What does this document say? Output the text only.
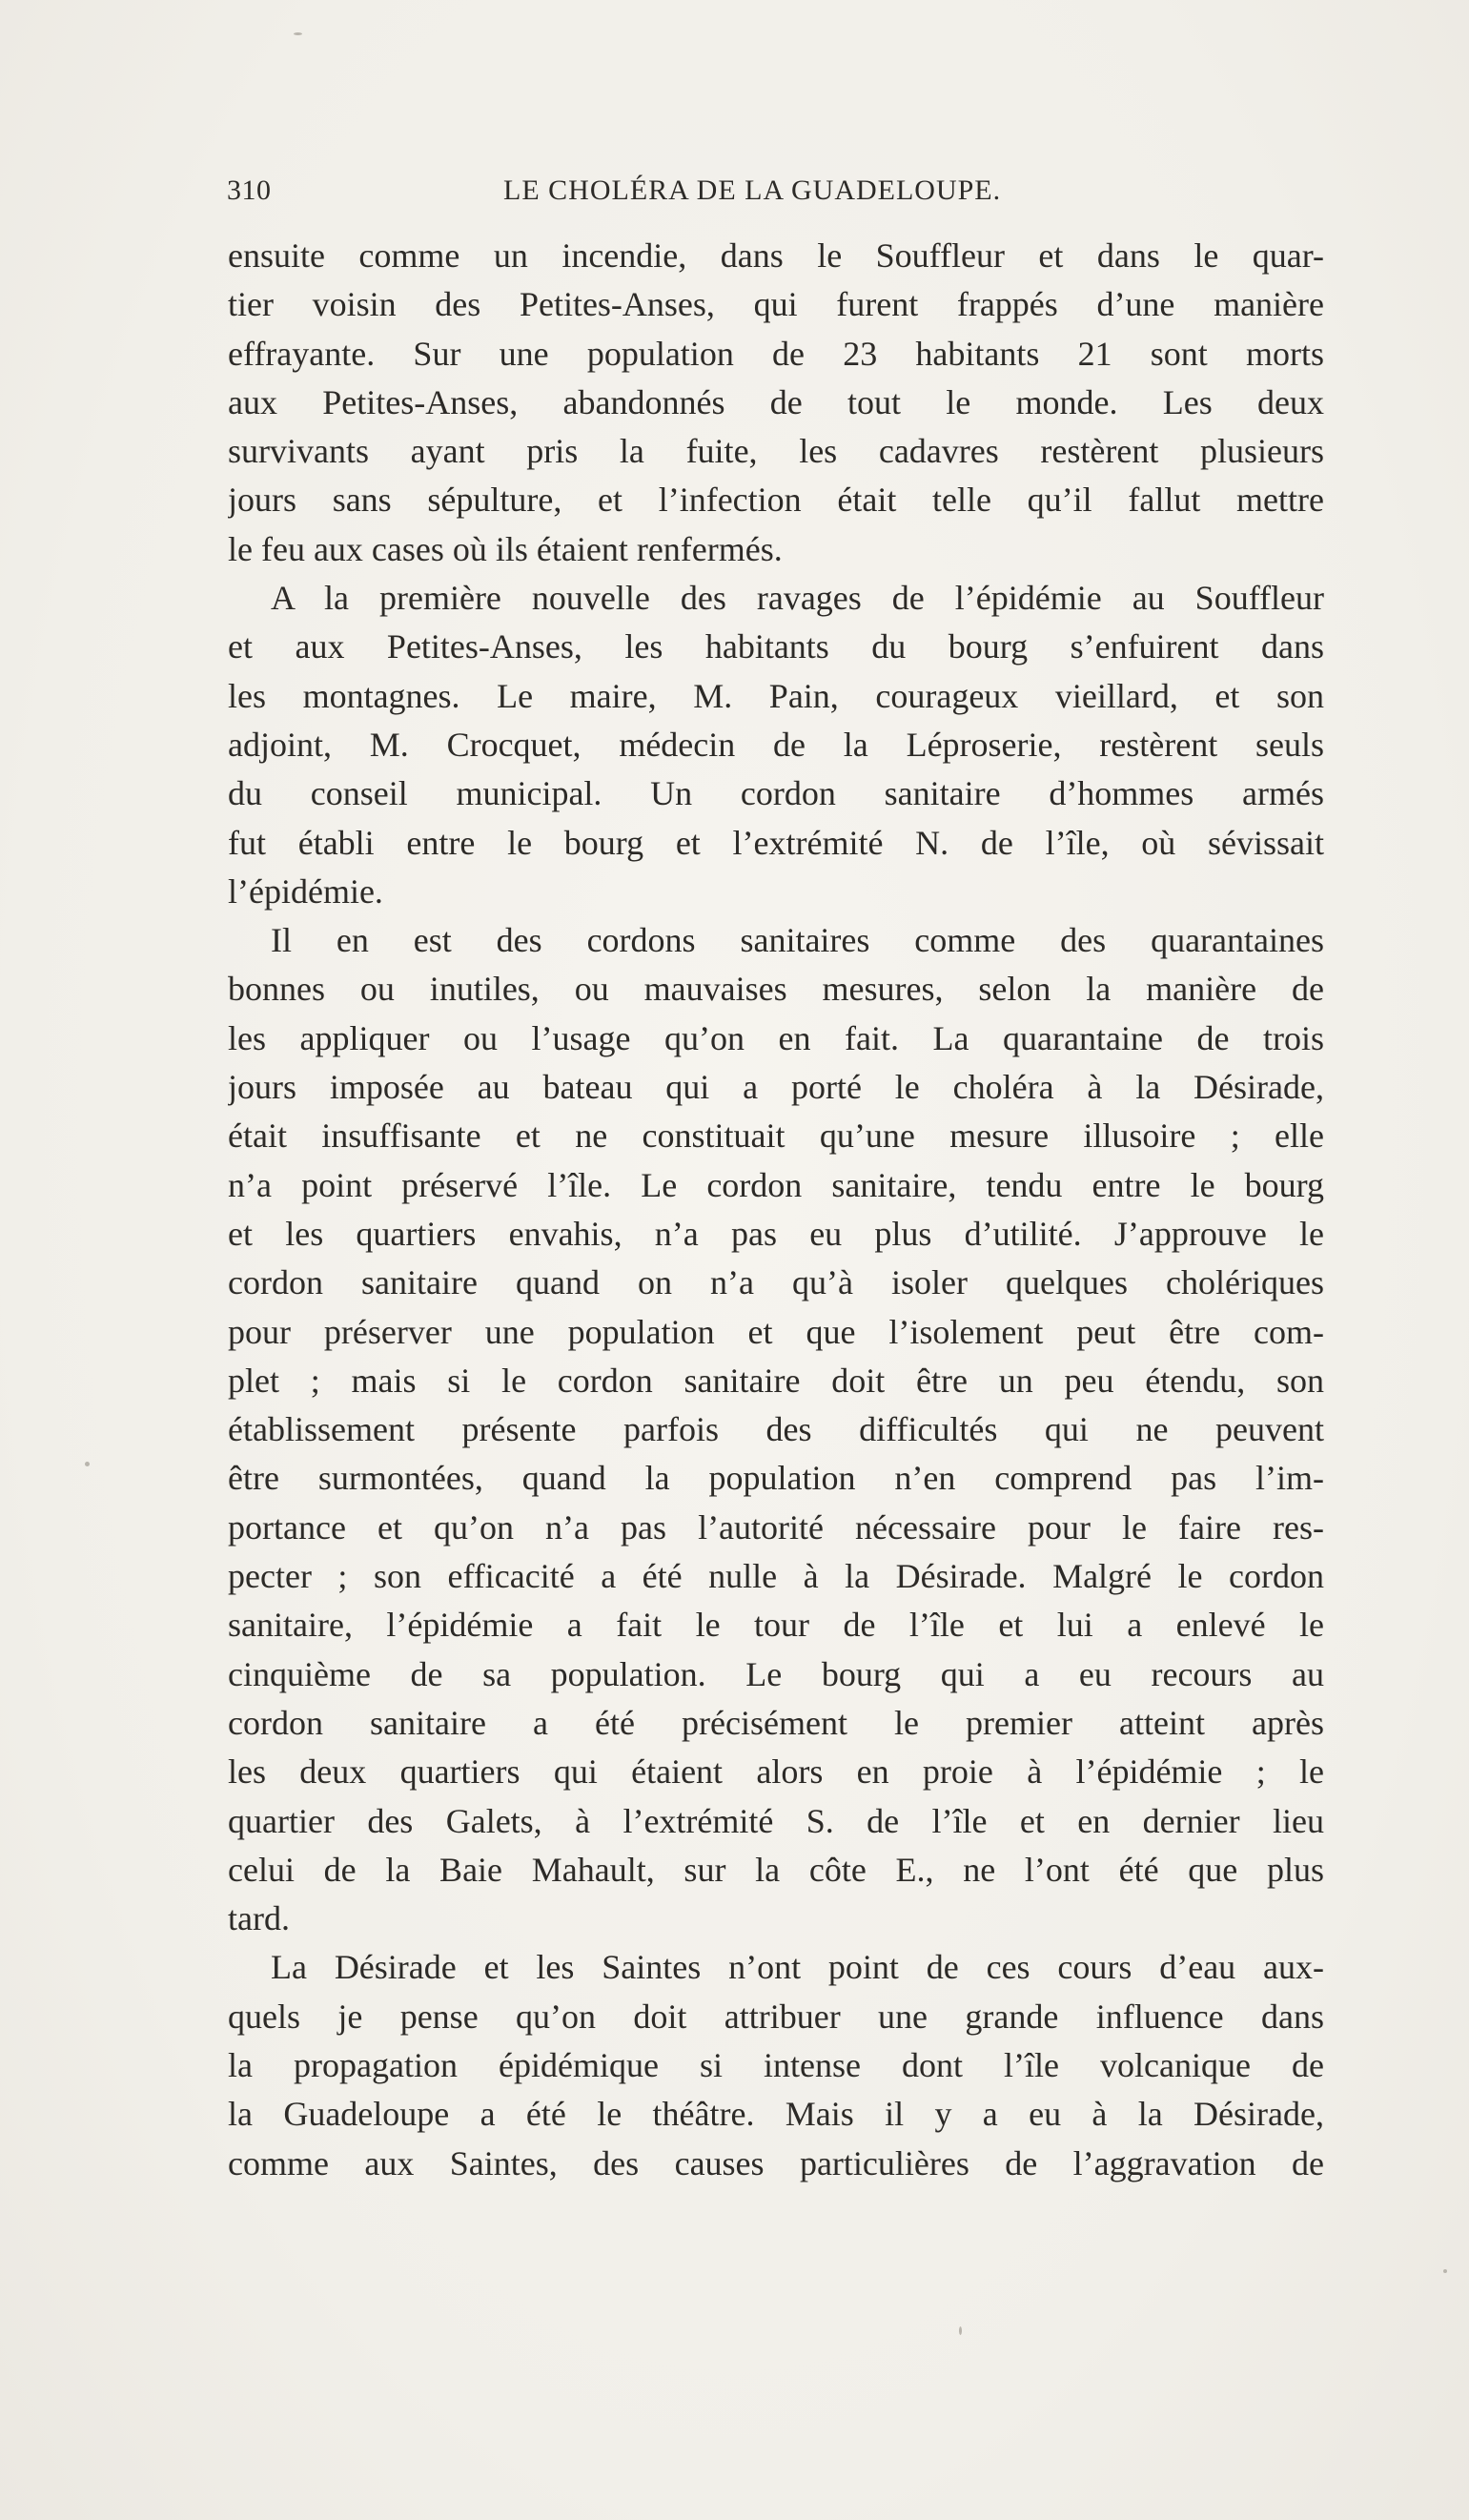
310	LE CHOLÉRA DE LA GUADELOUPE.
ensuite comme un incendie, dans le Souffleur et dans le quar-
tier voisin des Petites-Anses, qui furent frappés d’une manière
effrayante. Sur une population de 23 habitants 21 sont morts
aux Petites-Anses, abandonnés de tout le monde. Les deux
survivants ayant pris la fuite, les cadavres restèrent plusieurs
jours sans sépulture, et l’infection était telle qu’il fallut mettre
le feu aux cases où ils étaient renfermés.
A la première nouvelle des ravages de l’épidémie au Souffleur
et aux Petites-Anses, les habitants du bourg s’enfuirent dans
les montagnes. Le maire, M. Pain, courageux vieillard, et son
adjoint, M. Crocquet, médecin de la Léproserie, restèrent seuls
du conseil municipal. Un cordon sanitaire d’hommes armés
fut établi entre le bourg et l’extrémité N. de l’île, où sévissait
l’épidémie.
Il en est des cordons sanitaires comme des quarantaines
bonnes ou inutiles, ou mauvaises mesures, selon la manière de
les appliquer ou l’usage qu’on en fait. La quarantaine de trois
jours imposée au bateau qui a porté le choléra à la Désirade,
était insuffisante et ne constituait qu’une mesure illusoire ; elle
n’a point préservé l’île. Le cordon sanitaire, tendu entre le bourg
et les quartiers envahis, n’a pas eu plus d’utilité. J’approuve le
cordon sanitaire quand on n’a qu’à isoler quelques cholériques
pour préserver une population et que l’isolement peut être com-
plet ; mais si le cordon sanitaire doit être un peu étendu, son
établissement présente parfois des difficultés qui ne peuvent
être surmontées, quand la population n’en comprend pas l’im-
portance et qu’on n’a pas l’autorité nécessaire pour le faire res-
pecter ; son efficacité a été nulle à la Désirade. Malgré le cordon
sanitaire, l’épidémie a fait le tour de l’île et lui a enlevé le
cinquième de sa population. Le bourg qui a eu recours au
cordon sanitaire a été précisément le premier atteint après
les deux quartiers qui étaient alors en proie à l’épidémie ; le
quartier des Galets, à l’extrémité S. de l’île et en dernier lieu
celui de la Baie Mahault, sur la côte E., ne l’ont été que plus
tard.
La Désirade et les Saintes n’ont point de ces cours d’eau aux-
quels je pense qu’on doit attribuer une grande influence dans
la propagation épidémique si intense dont l’île volcanique de
la Guadeloupe a été le théâtre. Mais il y a eu à la Désirade,
comme aux Saintes, des causes particulières de l’aggravation de
